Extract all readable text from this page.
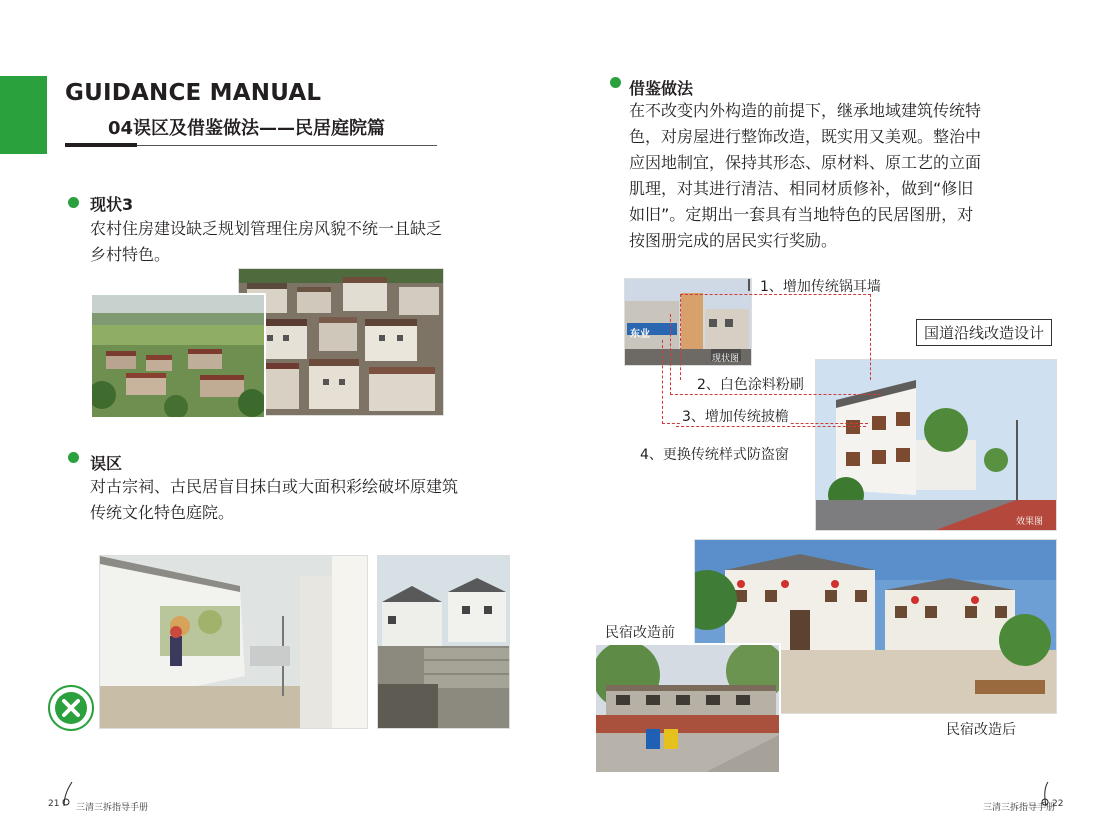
GUIDANCE MANUAL
04误区及借鉴做法——民居庭院篇
现状3
农村住房建设缺乏规划管理住房风貌不统一且缺乏
乡村特色。
误区
对古宗祠、古民居盲目抹白或大面积彩绘破坏原建筑
传统文化特色庭院。
21 三清三拆指导手册
借鉴做法
在不改变内外构造的前提下，继承地域建筑传统特
色，对房屋进行整饰改造，既实用又美观。整治中
应因地制宜，保持其形态、原材料、原工艺的立面
肌理，对其进行清洁、相同材质修补，做到“修旧
如旧”。定期出一套具有当地特色的民居图册，对
按图册完成的居民实行奖励。
东业
现状图
效果图
1、增加传统锅耳墙
2、白色涂料粉刷
3、增加传统披檐
4、更换传统样式防盗窗
国道沿线改造设计
民宿改造后
民宿改造前
三清三拆指导手册
22
